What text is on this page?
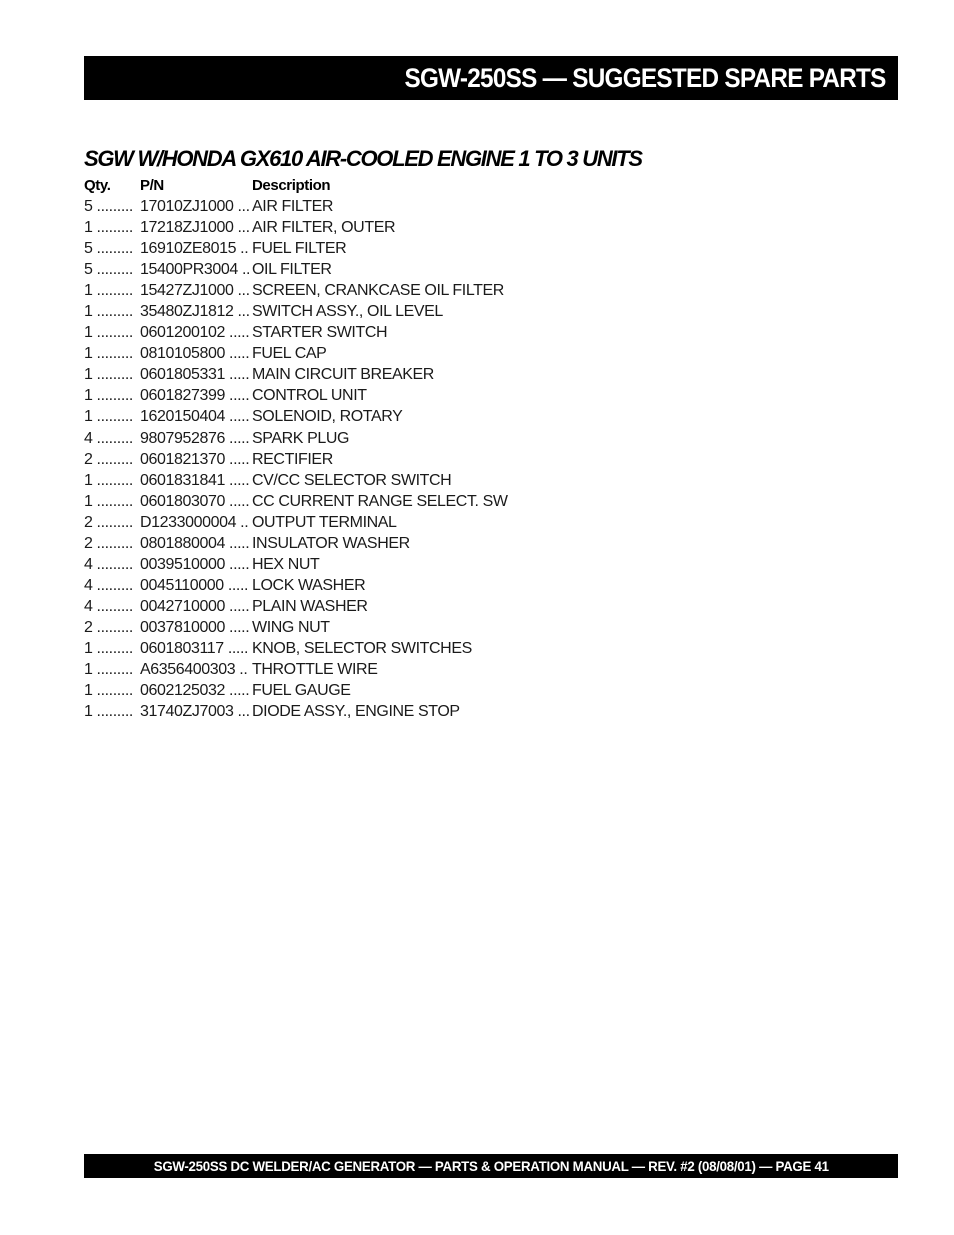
SGW-250SS — SUGGESTED SPARE PARTS
SGW W/HONDA GX610 AIR-COOLED ENGINE 1 TO 3 UNITS
Qty. P/N	Description
5 ......... 17010ZJ1000 ... AIR FILTER
1 ......... 17218ZJ1000 ... AIR FILTER, OUTER
5 ......... 16910ZE8015 .. FUEL FILTER
5 ......... 15400PR3004 .. OIL FILTER
1 ......... 15427ZJ1000 ... SCREEN, CRANKCASE OIL FILTER
1 ......... 35480ZJ1812 ... SWITCH ASSY., OIL LEVEL
1 ......... 0601200102 ..... STARTER SWITCH
1 ......... 0810105800 ..... FUEL CAP
1 ......... 0601805331 ..... MAIN CIRCUIT BREAKER
1 ......... 0601827399 ..... CONTROL UNIT
1 ......... 1620150404 ..... SOLENOID, ROTARY
4 ......... 9807952876 ..... SPARK PLUG
2 ......... 0601821370 ..... RECTIFIER
1 ......... 0601831841 ..... CV/CC SELECTOR SWITCH
1 ......... 0601803070 ..... CC CURRENT RANGE SELECT. SW
2 ......... D1233000004 .. OUTPUT TERMINAL
2 ......... 0801880004 ..... INSULATOR WASHER
4 ......... 0039510000 ..... HEX NUT
4 ......... 0045110000 ..... LOCK WASHER
4 ......... 0042710000 ..... PLAIN WASHER
2 ......... 0037810000 ..... WING NUT
1 ......... 0601803117 ..... KNOB, SELECTOR SWITCHES
1 ......... A6356400303 .. THROTTLE WIRE
1 ......... 0602125032 ..... FUEL GAUGE
1 ......... 31740ZJ7003 ... DIODE ASSY., ENGINE STOP
SGW-250SS DC WELDER/AC GENERATOR — PARTS & OPERATION MANUAL — REV. #2 (08/08/01) — PAGE 41
